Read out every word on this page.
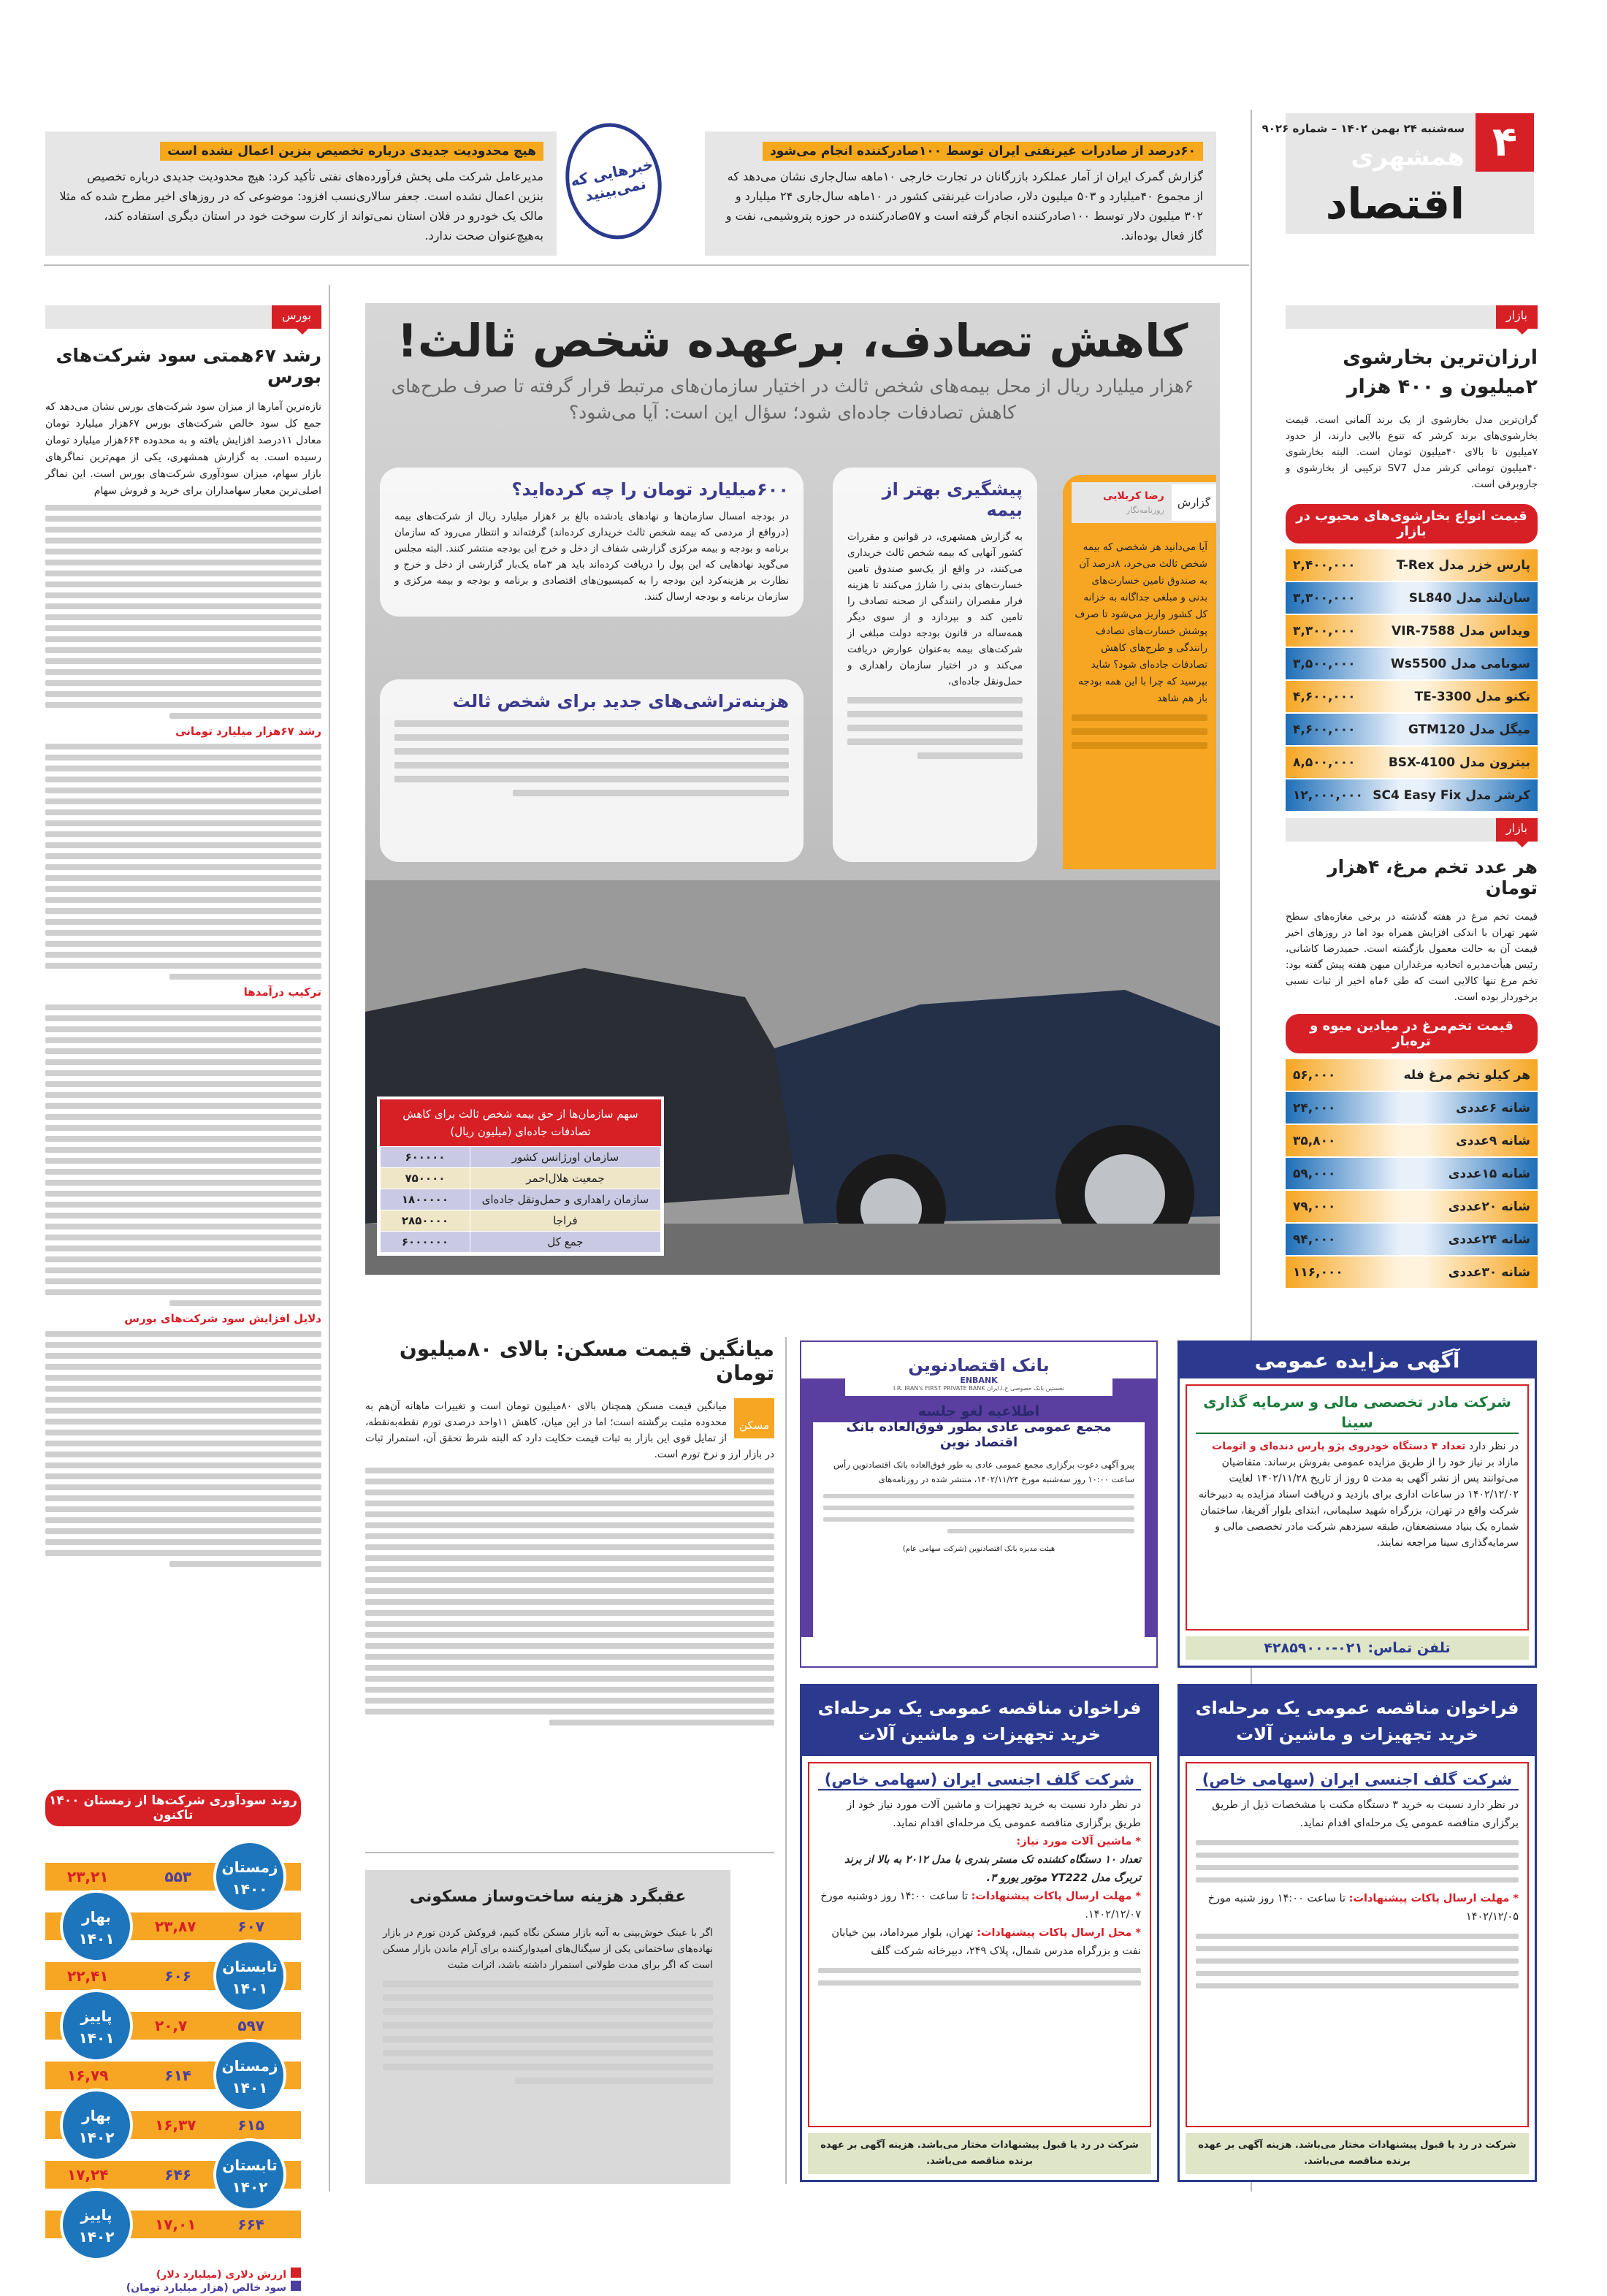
۴
سه‌شنبه ۲۴ بهمن ۱۴۰۲ – شماره ۹۰۲۶
همشهری
اقتصاد
هیچ محدودیت جدیدی درباره تخصیص بنزین اعمال نشده است

مدیرعامل شرکت ملی پخش فرآورده‌های نفتی تأکید کرد: هیچ محدودیت جدیدی درباره تخصیص بنزین اعمال نشده است. جعفر سالاری‌نسب افزود: موضوعی که در روزهای اخیر مطرح شده که مثلا مالک یک خودرو در فلان استان نمی‌تواند از کارت سوخت خود در استان دیگری استفاده کند، به‌هیچ‌عنوان صحت ندارد.

خبرهایی که نمی‌بینید
۶۰درصد از صادرات غیرنفتی ایران توسط ۱۰۰صادرکننده انجام می‌شود

گزارش گمرک ایران از آمار عملکرد بازرگانان در تجارت خارجی ۱۰ماهه سال‌جاری نشان می‌دهد که از مجموع ۴۰میلیارد و ۵۰۳ میلیون دلار، صادرات غیرنفتی کشور در ۱۰ماهه سال‌جاری ۲۴ میلیارد و ۳۰۲ میلیون دلار توسط ۱۰۰صادرکننده انجام گرفته است و ۵۷صادرکننده در حوزه پتروشیمی، نفت و گاز فعال بوده‌اند.

بازار
ارزان‌ترین بخارشوی ۲میلیون و ۴۰۰ هزار

گران‌ترین مدل بخارشوی از یک برند آلمانی است. قیمت بخارشوی‌های برند کرشر که تنوع بالایی دارند، از حدود ۷میلیون تا بالای ۴۰میلیون تومان است. البته بخارشوی ۴۰میلیون تومانی کرشر مدل SV7 ترکیبی از بخارشوی و جاروبرقی است.

قیمت انواع بخارشوی‌های محبوب در بازار
پارس خزر مدل T-Rex
۲,۴۰۰,۰۰۰
سان‌لند مدل SL840
۳,۳۰۰,۰۰۰
ویداس مدل VIR-7588
۳,۳۰۰,۰۰۰
سونامی مدل Ws5500
۳,۵۰۰,۰۰۰
تکنو مدل TE-3300
۴,۶۰۰,۰۰۰
میگل مدل GTM120
۴,۶۰۰,۰۰۰
بیترون مدل BSX-4100
۸,۵۰۰,۰۰۰
کرشر مدل SC4 Easy Fix
۱۲,۰۰۰,۰۰۰
بازار
هر عدد تخم مرغ، ۴هزار تومان

قیمت تخم مرغ در هفته گذشته در برخی مغازه‌های سطح شهر تهران با اندکی افزایش همراه بود اما در روزهای اخیر قیمت آن به حالت معمول بازگشته است. حمیدرضا کاشانی، رئیس هیأت‌مدیره اتحادیه مرغداران میهن هفته پیش گفته بود: تخم مرغ تنها کالایی است که طی ۶ماه اخیر از ثبات نسبی برخوردار بوده است.

قیمت تخم‌مرغ در میادین میوه و تره‌بار
هر کیلو تخم مرغ فله
۵۶,۰۰۰
شانه ۶عددی
۲۴,۰۰۰
شانه ۹عددی
۳۵,۸۰۰
شانه ۱۵عددی
۵۹,۰۰۰
شانه ۲۰عددی
۷۹,۰۰۰
شانه ۲۴عددی
۹۴,۰۰۰
شانه ۳۰عددی
۱۱۶,۰۰۰
کاهش تصادف، برعهده شخص ثالث!

۶هزار میلیارد ریال از محل بیمه‌های شخص ثالث در اختیار سازمان‌های مرتبط قرار گرفته تا صرف طرح‌های کاهش تصادفات جاده‌ای شود؛ سؤال این است: آیا می‌شود؟

۶۰۰میلیارد تومان را چه کرده‌اید؟

در بودجه امسال سازمان‌ها و نهادهای یادشده بالغ بر ۶هزار میلیارد ریال از شرکت‌های بیمه (درواقع از مردمی که بیمه شخص ثالث خریداری کرده‌اند) گرفته‌اند و انتظار می‌رود که سازمان برنامه و بودجه و بیمه مرکزی گزارشی شفاف از دخل و خرج این بودجه منتشر کنند. البته مجلس می‌گوید نهادهایی که این پول را دریافت کرده‌اند باید هر ۳ماه یک‌بار گزارشی از دخل و خرج و نظارت بر هزینه‌کرد این بودجه را به کمیسیون‌های اقتصادی و برنامه و بودجه و بیمه مرکزی و سازمان برنامه و بودجه ارسال کنند.

هزینه‌تراشی‌های جدید برای شخص ثالث
پیشگیری بهتر از بیمه

به گزارش همشهری، در قوانین و مقررات کشور آنهایی که بیمه شخص ثالث خریداری می‌کنند، در واقع از یک‌سو صندوق تامین خسارت‌های بدنی را شارژ می‌کنند تا هزینه فرار مقصران رانندگی از صحنه تصادف را تامین کند و بپردازد و از سوی دیگر همه‌ساله در قانون بودجه دولت مبلغی از شرکت‌های بیمه به‌عنوان عوارض دریافت می‌کند و در اختیار سازمان راهداری و حمل‌ونقل جاده‌ای،

گزارش
رضا کربلایی
روزنامه‌نگار

آیا می‌دانید هر شخصی که بیمه شخص ثالث می‌خرد، ۸درصد آن به صندوق تامین خسارت‌های بدنی و مبلغی جداگانه به خزانه کل کشور واریز می‌شود تا صرف پوشش خسارت‌های تصادف رانندگی و طرح‌های کاهش تصادفات جاده‌ای شود؟ شاید بپرسید که چرا با این همه بودجه باز هم شاهد

سهم سازمان‌ها از حق بیمه شخص ثالث برای کاهش تصادفات جاده‌ای (میلیون ریال)
سازمان اورژانس کشور	۶۰۰۰۰۰
جمعیت هلال‌احمر	۷۵۰۰۰۰
سازمان راهداری و حمل‌ونقل جاده‌ای	۱۸۰۰۰۰۰
فراجا	۲۸۵۰۰۰۰
جمع کل	۶۰۰۰۰۰۰
بورس
رشد ۶۷همتی سود شرکت‌های بورس

تازه‌ترین آمارها از میزان سود شرکت‌های بورس نشان می‌دهد که جمع کل سود خالص شرکت‌های بورس ۶۷هزار میلیارد تومان معادل ۱۱درصد افزایش یافته و به محدوده ۶۶۴هزار میلیارد تومان رسیده است. به گزارش همشهری، یکی از مهم‌ترین نماگرهای بازار سهام، میزان سودآوری شرکت‌های بورس است. این نماگر اصلی‌ترین معیار سهامداران برای خرید و فروش سهام

رشد ۶۷هزار میلیارد تومانی
ترکیب درآمدها
دلایل افزایش سود شرکت‌های بورس
روند سودآوری شرکت‌ها از زمستان ۱۴۰۰ تاکنون
زمستان
۱۴۰۰
۵۵۳
۲۳,۲۱
بهار
۱۴۰۱
۶۰۷
۲۳,۸۷
تابستان
۱۴۰۱
۶۰۶
۲۲,۴۱
پاییز
۱۴۰۱
۵۹۷
۲۰,۷
زمستان
۱۴۰۱
۶۱۴
۱۶,۷۹
بهار
۱۴۰۲
۶۱۵
۱۶,۳۷
تابستان
۱۴۰۲
۶۴۶
۱۷,۲۴
پاییز
۱۴۰۲
۶۶۴
۱۷,۰۱
ارزش دلاری (میلیارد دلار)
سود خالص (هزار میلیارد تومان)
میانگین قیمت مسکن: بالای ۸۰میلیون تومان
مسکن

میانگین قیمت مسکن همچنان بالای ۸۰میلیون تومان است و تغییرات ماهانه آن‌هم به محدوده مثبت برگشته است؛ اما در این میان، کاهش ۱۱واحد درصدی تورم نقطه‌به‌نقطه، از تمایل قوی این بازار به ثبات قیمت حکایت دارد که البته شرط تحقق آن، استمرار ثبات در بازار ارز و نرخ تورم است.

عقبگرد هزینه ساخت‌وساز مسکونی

اگر با عینک خوش‌بینی به آتیه بازار مسکن نگاه کنیم، فروکش کردن تورم در بازار نهاده‌های ساختمانی یکی از سیگنال‌های امیدوارکننده برای آرام ماندن بازار مسکن است که اگر برای مدت طولانی استمرار داشته باشد، اثرات مثبت

بانک اقتصادنوین
ENBANK
نخستین بانک خصوصی ج.ا.ایران I.R. IRAN's FIRST PRIVATE BANK
اطلاعیه لغو جلسه
مجمع عمومی عادی بطور فوق‌العاده بانک اقتصاد نوین

پیرو آگهی دعوت برگزاری مجمع عمومی عادی به طور فوق‌العاده بانک اقتصادنوین رأس ساعت ۱۰:۰۰ روز سه‌شنبه مورخ ۱۴۰۲/۱۱/۲۴، منتشر شده در روزنامه‌های

هیئت مدیره بانک اقتصادنوین (شرکت سهامی عام)

آگهی مزایده عمومی
شرکت مادر تخصصی مالی و سرمایه گذاری سینا

در نظر دارد تعداد ۴ دستگاه خودروی پژو پارس دنده‌ای و اتومات مازاد بر نیاز خود را از طریق مزایده عمومی بفروش برساند. متقاضیان می‌توانند پس از نشر آگهی به مدت ۵ روز از تاریخ ۱۴۰۲/۱۱/۲۸ لغایت ۱۴۰۲/۱۲/۰۲ در ساعات اداری برای بازدید و دریافت اسناد مزایده به دبیرخانه شرکت واقع در تهران، بزرگراه شهید سلیمانی، ابتدای بلوار آفریقا، ساختمان شماره یک بنیاد مستضعفان، طبقه سیزدهم شرکت مادر تخصصی مالی و سرمایه‌گذاری سینا مراجعه نمایند.

تلفن تماس: ۰۲۱-۴۲۸۵۹۰۰۰
فراخوان مناقصه عمومی یک مرحله‌ای خرید تجهیزات و ماشین آلات
شرکت گلف اجنسی ایران (سهامی خاص)

در نظر دارد نسبت به خرید تجهیزات و ماشین آلات مورد نیاز خود از طریق برگزاری مناقصه عمومی یک مرحله‌ای اقدام نماید.

* ماشین آلات مورد نیاز:

تعداد ۱۰ دستگاه کشنده تک مستر بندری با مدل ۲۰۱۲ به بالا از برند تربرگ مدل YT222 موتور یورو ۳.

* مهلت ارسال پاکات پیشنهادات: تا ساعت ۱۴:۰۰ روز دوشنبه مورخ ۱۴۰۲/۱۲/۰۷.

* محل ارسال پاکات پیشنهادات: تهران، بلوار میرداماد، بین خیابان نفت و بزرگراه مدرس شمال، پلاک ۲۴۹، دبیرخانه شرکت گلف

شرکت در رد یا قبول پیشنهادات مختار می‌باشد. هزینه آگهی بر عهده برنده مناقصه می‌باشد.
فراخوان مناقصه عمومی یک مرحله‌ای خرید تجهیزات و ماشین آلات
شرکت گلف اجنسی ایران (سهامی خاص)

در نظر دارد نسبت به خرید ۳ دستگاه مکنت با مشخصات ذیل از طریق برگزاری مناقصه عمومی یک مرحله‌ای اقدام نماید.

* مهلت ارسال پاکات پیشنهادات: تا ساعت ۱۴:۰۰ روز شنبه مورخ ۱۴۰۲/۱۲/۰۵

شرکت در رد یا قبول پیشنهادات مختار می‌باشد. هزینه آگهی بر عهده برنده مناقصه می‌باشد.
